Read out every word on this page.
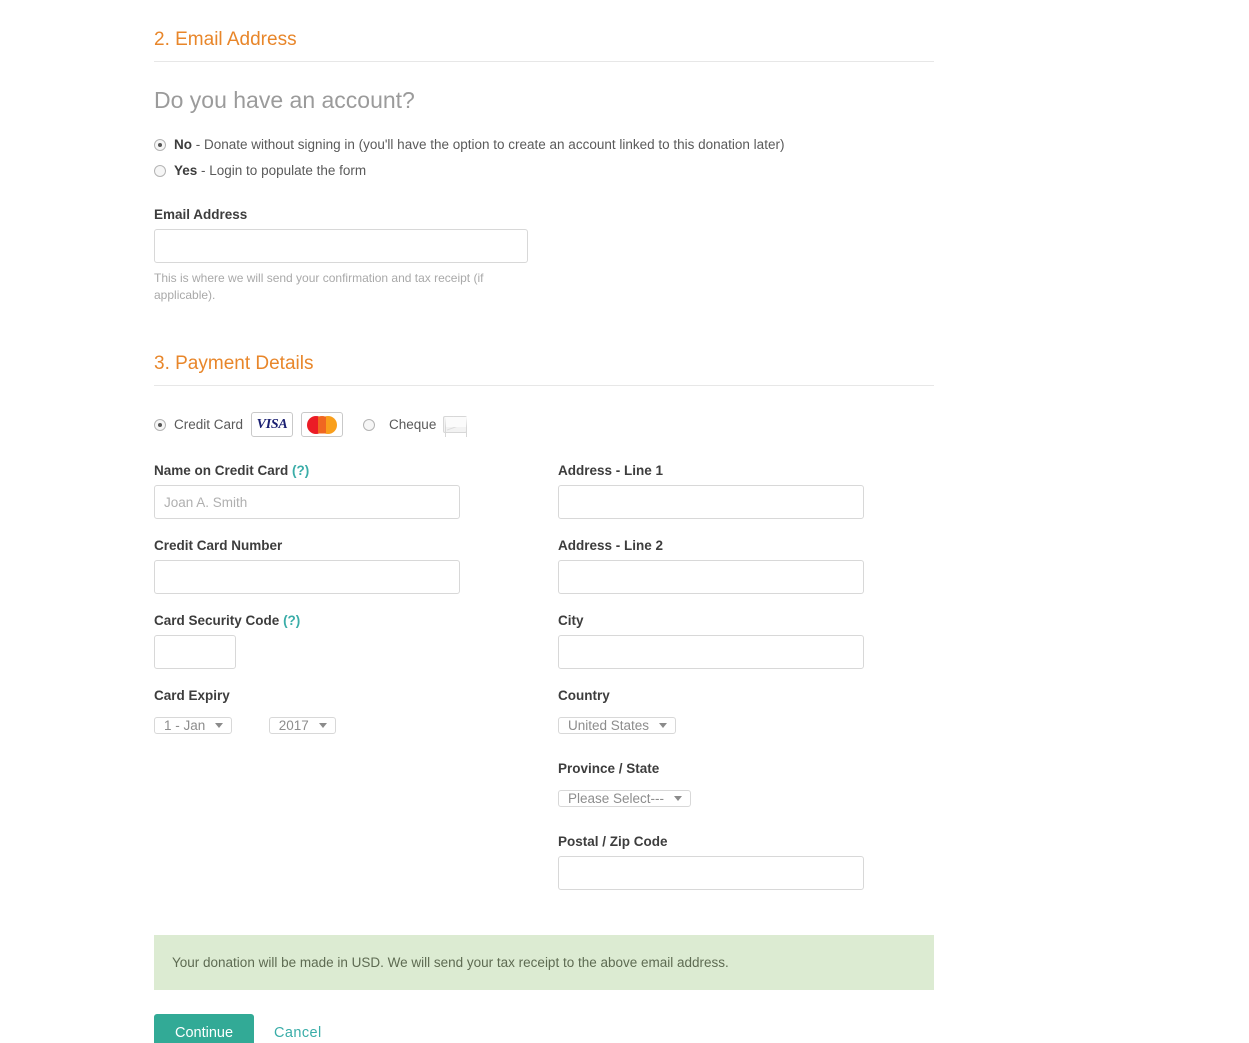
2. Email Address
Do you have an account?
No - Donate without signing in (you'll have the option to create an account linked to this donation later)
Yes - Login to populate the form
Email Address
This is where we will send your confirmation and tax receipt (if applicable).
3. Payment Details
Credit Card VISA	Cheque
Name on Credit Card (?)
Joan A. Smith
Credit Card Number
Card Security Code (?)
Card Expiry
1 - Jan	2017
Address - Line 1
Address - Line 2
City
Country
United States
Province / State
Please Select---
Postal / Zip Code
Your donation will be made in USD. We will send your tax receipt to the above email address.
Continue	Cancel
